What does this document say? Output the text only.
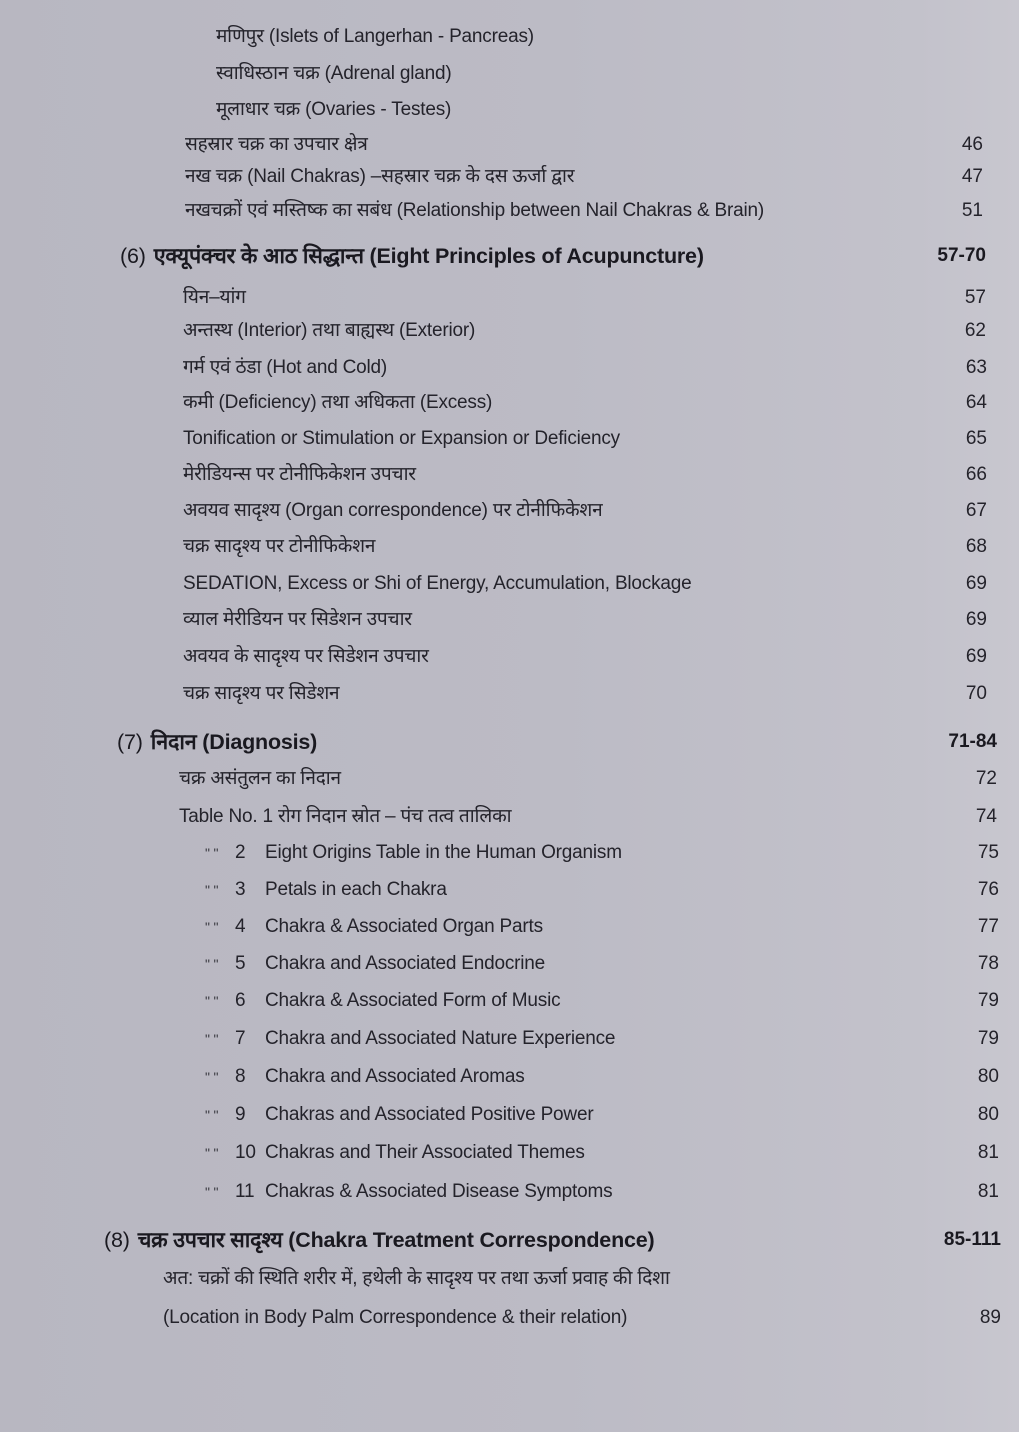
मणिपुर (Islets of Langerhan - Pancreas)
स्वाधिस्ठान चक्र (Adrenal gland)
मूलाधार चक्र (Ovaries - Testes)
सहस्रार चक्र का उपचार क्षेत्र	46
नख चक्र (Nail Chakras) –सहस्रार चक्र के दस ऊर्जा द्वार	47
नखचक्रों एवं मस्तिष्क का सबंध (Relationship between Nail Chakras & Brain)	51
(6) एक्यूपंक्चर के आठ सिद्धान्त (Eight Principles of Acupuncture)	57-70
यिन–यांग	57
अन्तस्थ (Interior) तथा बाह्यस्थ (Exterior)	62
गर्म एवं ठंडा (Hot and Cold)	63
कमी (Deficiency) तथा अधिकता (Excess)	64
Tonification or Stimulation or Expansion or Deficiency	65
मेरीडियन्स पर टोनीफिकेशन उपचार	66
अवयव सादृश्य (Organ correspondence) पर टोनीफिकेशन	67
चक्र सादृश्य पर टोनीफिकेशन	68
SEDATION, Excess or Shi of Energy, Accumulation, Blockage	69
व्याल मेरीडियन पर सिडेशन उपचार	69
अवयव के सादृश्य पर सिडेशन उपचार	69
चक्र सादृश्य पर सिडेशन	70
(7) निदान (Diagnosis)	71-84
चक्र असंतुलन का निदान	72
Table No. 1 रोग निदान स्रोत – पंच तत्व तालिका	74
" " 2 Eight Origins Table in the Human Organism	75
" " 3 Petals in each Chakra	76
" " 4 Chakra & Associated Organ Parts	77
" " 5 Chakra and Associated Endocrine	78
" " 6 Chakra & Associated Form of Music	79
" " 7 Chakra and Associated Nature Experience	79
" " 8 Chakra and Associated Aromas	80
" " 9 Chakras and Associated Positive Power	80
" " 10 Chakras and Their Associated Themes	81
" " 11 Chakras & Associated Disease Symptoms	81
(8) चक्र उपचार सादृश्य (Chakra Treatment Correspondence)	85-111
अत: चक्रों की स्थिति शरीर में, हथेली के सादृश्य पर तथा ऊर्जा प्रवाह की दिशा
(Location in Body Palm Correspondence & their relation)	89
